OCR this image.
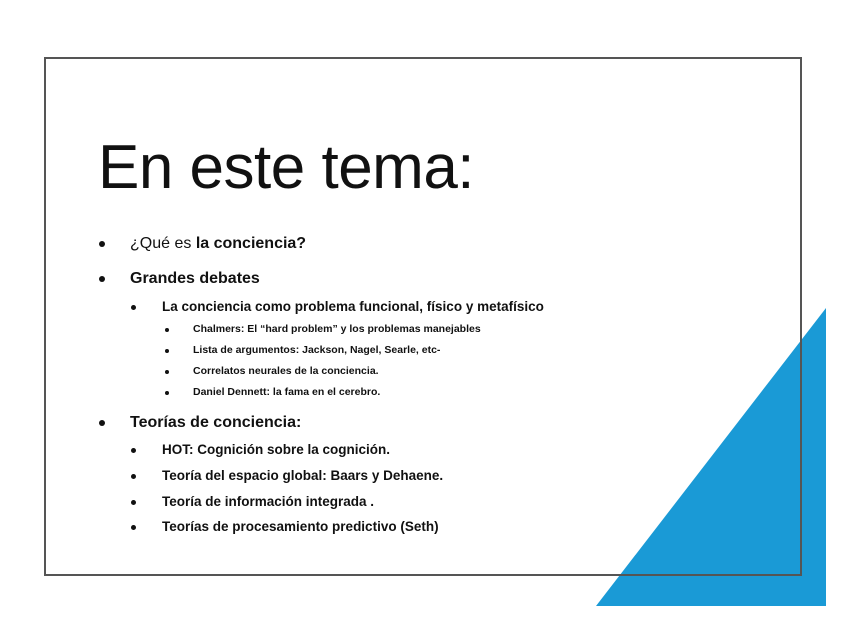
En este tema:
¿Qué es la conciencia?
Grandes debates
La conciencia como problema funcional, físico y metafísico
Chalmers: El “hard problem” y los problemas manejables
Lista de argumentos: Jackson, Nagel, Searle, etc-
Correlatos neurales de la conciencia.
Daniel Dennett: la fama en el cerebro.
Teorías de conciencia:
HOT: Cognición sobre la cognición.
Teoría del espacio global: Baars y Dehaene.
Teoría de información integrada .
Teorías de procesamiento predictivo (Seth)
